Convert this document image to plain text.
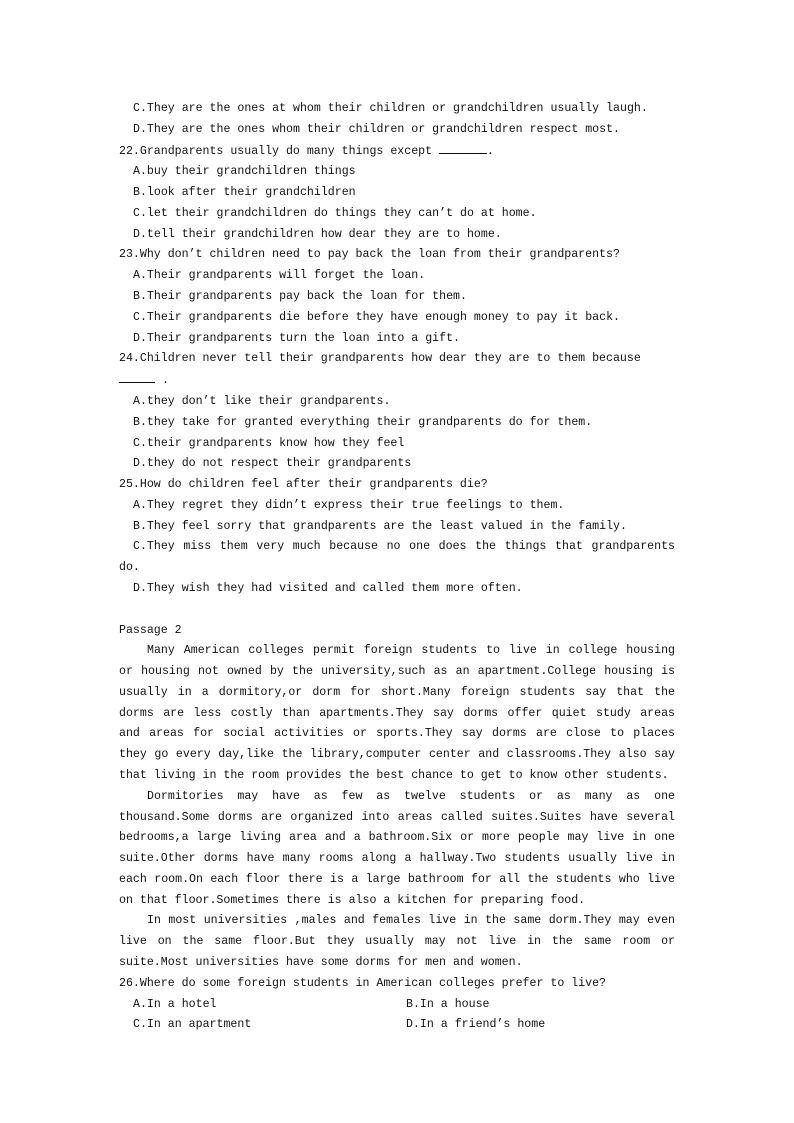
C.They are the ones at whom their children or grandchildren usually laugh.

D.They are the ones whom their children or grandchildren respect most.

22.Grandparents usually do many things except	.

A.buy their grandchildren things

B.look after their grandchildren

C.let their grandchildren do things they can’t do at home.

D.tell their grandchildren how dear they are to home.

23.Why don’t children need to pay back the loan from their grandparents?

A.Their grandparents will forget the loan.

B.Their grandparents pay back the loan for them.

C.Their grandparents die before they have enough money to pay it back.

D.Their grandparents turn the loan into a gift.

24.Children never tell their grandparents how dear they are to them because .

A.they don’t like their grandparents.

B.they take for granted everything their grandparents do for them.

C.their grandparents know how they feel

D.they do not respect their grandparents

25.How do children feel after their grandparents die?

A.They regret they didn’t express their true feelings to them.

B.They feel sorry that grandparents are the least valued in the family.

C.They miss them very much because no one does the things that grandparents do.

D.They wish they had visited and called them more often.

Passage 2

Many American colleges permit foreign students to live in college housing or housing not owned by the university,such as an apartment.College housing is usually in a dormitory,or dorm for short.Many foreign students say that the dorms are less costly than apartments.They say dorms offer quiet study areas and areas for social activities or sports.They say dorms are close to places they go every day,like the library,computer center and classrooms.They also say that living in the room provides the best chance to get to know other students.

Dormitories may have as few as twelve students or as many as one thousand.Some dorms are organized into areas called suites.Suites have several bedrooms,a large living area and a bathroom.Six or more people may live in one suite.Other dorms have many rooms along a hallway.Two students usually live in each room.On each floor there is a large bathroom for all the students who live on that floor.Sometimes there is also a kitchen for preparing food.

In most universities ,males and females live in the same dorm.They may even live on the same floor.But they usually may not live in the same room or suite.Most universities have some dorms for men and women.

26.Where do some foreign students in American colleges prefer to live?

A.In a hotel	B.In a house

C.In an apartment	D.In a friend’s home
